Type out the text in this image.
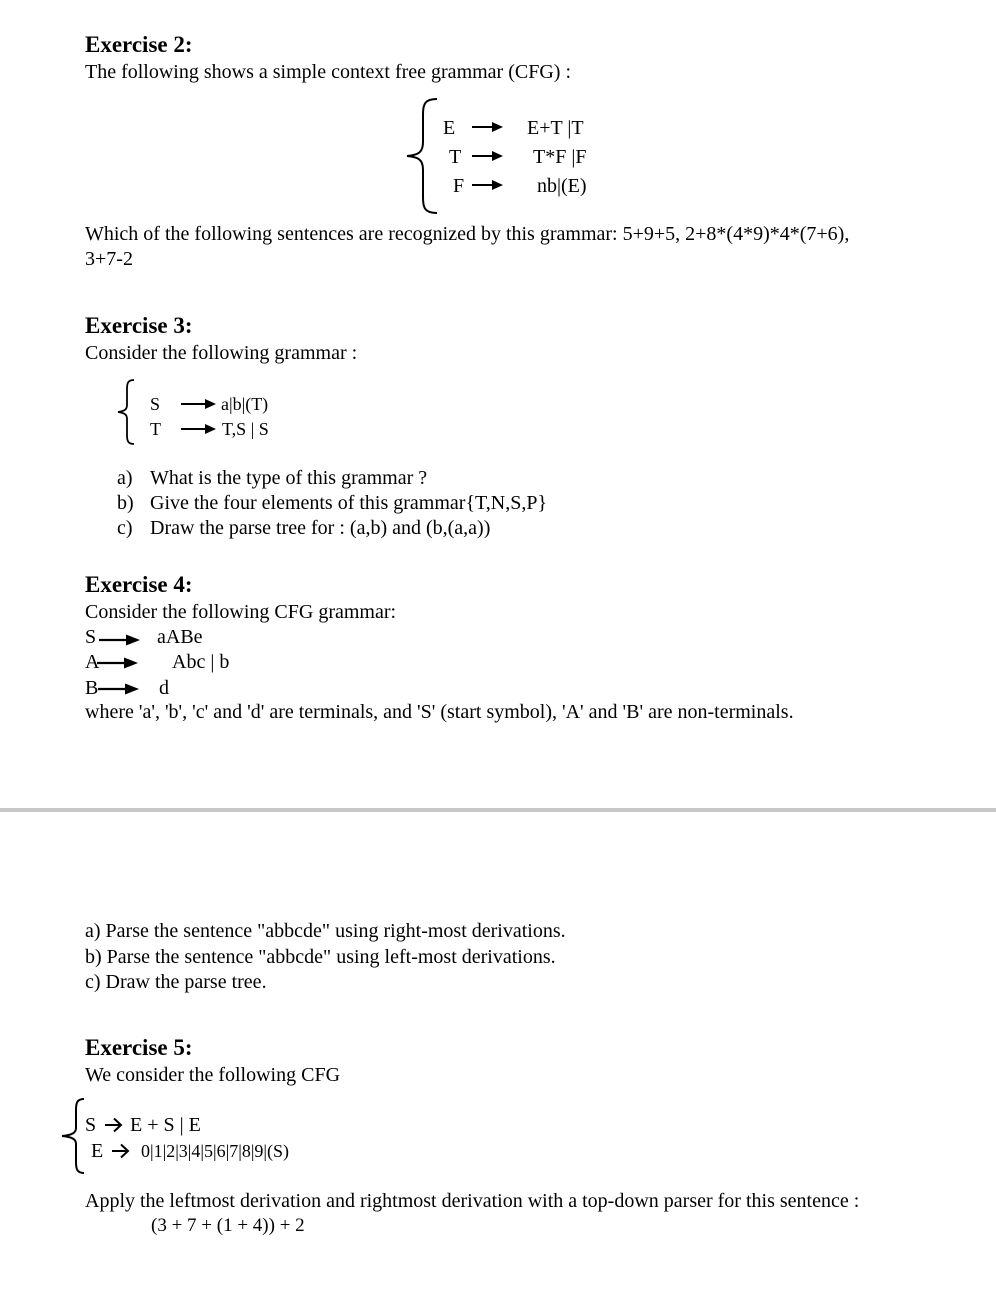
Exercise 2:
The following shows a simple context free grammar (CFG) :
E	E+T |T
T	T*F |F
F	nb|(E)
Which of the following sentences are recognized by this grammar: 5+9+5, 2+8*(4*9)*4*(7+6),
3+7-2
Exercise 3:
Consider the following grammar :
S	a|b|(T)
T	T,S | S
a) What is the type of this grammar ?
b) Give the four elements of this grammar{T,N,S,P}
c) Draw the parse tree for : (a,b) and (b,(a,a))
Exercise 4:
Consider the following CFG grammar:
S	aABe
A	Abc | b
B	d
where 'a', 'b', 'c' and 'd' are terminals, and 'S' (start symbol), 'A' and 'B' are non-terminals.
a) Parse the sentence "abbcde" using right-most derivations.
b) Parse the sentence "abbcde" using left-most derivations.
c) Draw the parse tree.
Exercise 5:
We consider the following CFG
S E + S | E
E 0|1|2|3|4|5|6|7|8|9|(S)
Apply the leftmost derivation and rightmost derivation with a top-down parser for this sentence :
(3 + 7 + (1 + 4)) + 2
